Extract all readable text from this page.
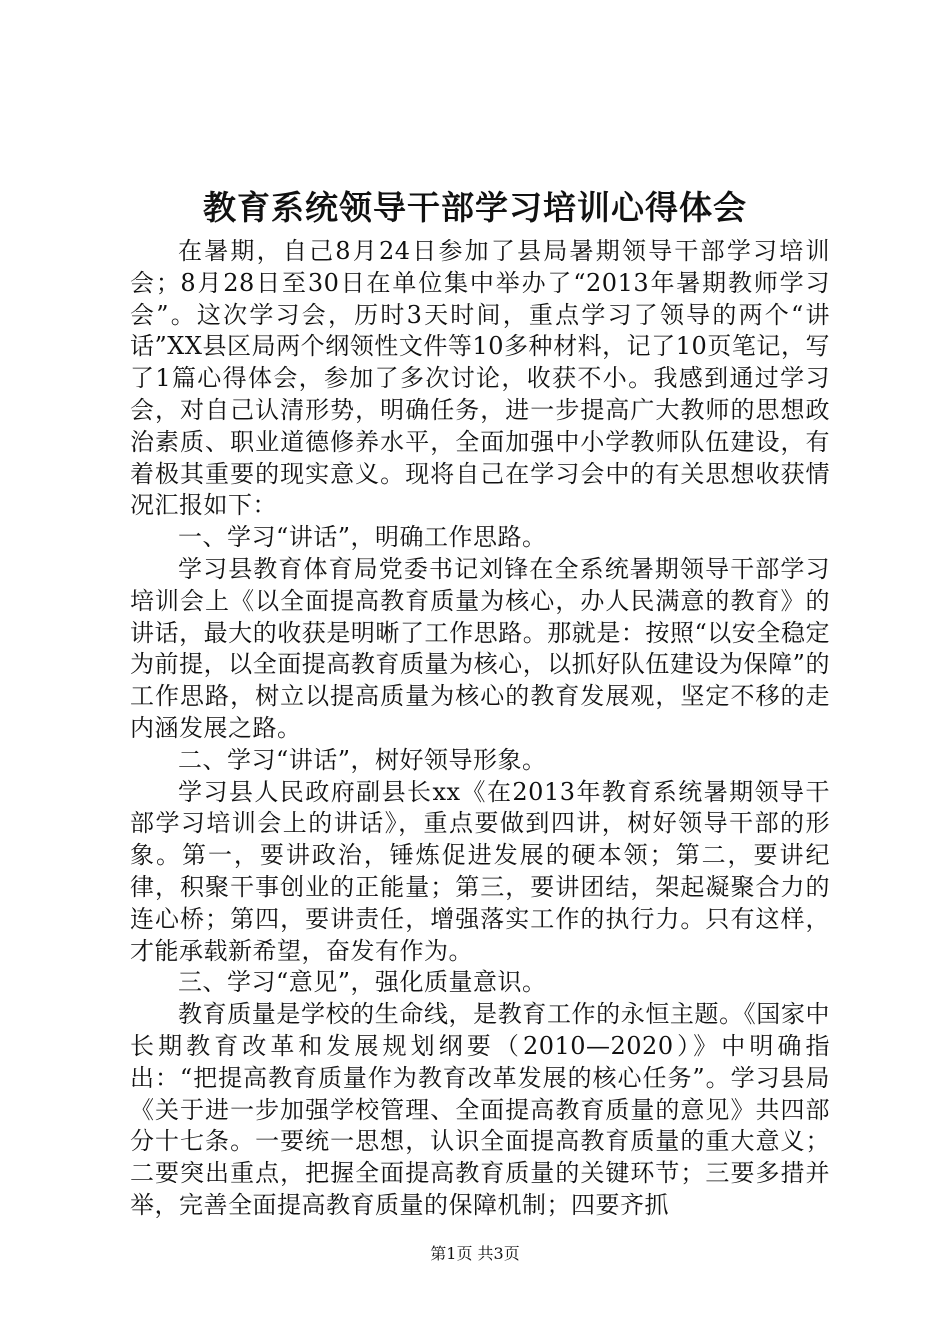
教育系统领导干部学习培训心得体会

在暑期，自己8月24日参加了县局暑期领导干部学习培训会；8月28日至30日在单位集中举办了“2013年暑期教师学习会”。这次学习会，历时3天时间，重点学习了领导的两个“讲话”XX县区局两个纲领性文件等10多种材料，记了10页笔记，写了1篇心得体会，参加了多次讨论，收获不小。我感到通过学习会，对自己认清形势，明确任务，进一步提高广大教师的思想政治素质、职业道德修养水平，全面加强中小学教师队伍建设，有着极其重要的现实意义。现将自己在学习会中的有关思想收获情况汇报如下：

一、学习“讲话”，明确工作思路。

学习县教育体育局党委书记刘锋在全系统暑期领导干部学习培训会上《以全面提高教育质量为核心，办人民满意的教育》的讲话，最大的收获是明晰了工作思路。那就是：按照“以安全稳定为前提，以全面提高教育质量为核心，以抓好队伍建设为保障”的工作思路，树立以提高质量为核心的教育发展观，坚定不移的走内涵发展之路。

二、学习“讲话”，树好领导形象。

学习县人民政府副县长xx《在2013年教育系统暑期领导干部学习培训会上的讲话》，重点要做到四讲，树好领导干部的形象。第一，要讲政治，锤炼促进发展的硬本领；第二，要讲纪律，积聚干事创业的正能量；第三，要讲团结，架起凝聚合力的连心桥；第四，要讲责任，增强落实工作的执行力。只有这样，才能承载新希望，奋发有作为。

三、学习“意见”，强化质量意识。

教育质量是学校的生命线，是教育工作的永恒主题。《国家中长期教育改革和发展规划纲要（2010—2020）》中明确指出：“把提高教育质量作为教育改革发展的核心任务”。学习县局《关于进一步加强学校管理、全面提高教育质量的意见》共四部分十七条。一要统一思想，认识全面提高教育质量的重大意义；二要突出重点，把握全面提高教育质量的关键环节；三要多措并举，完善全面提高教育质量的保障机制；四要齐抓

第1页 共3页
